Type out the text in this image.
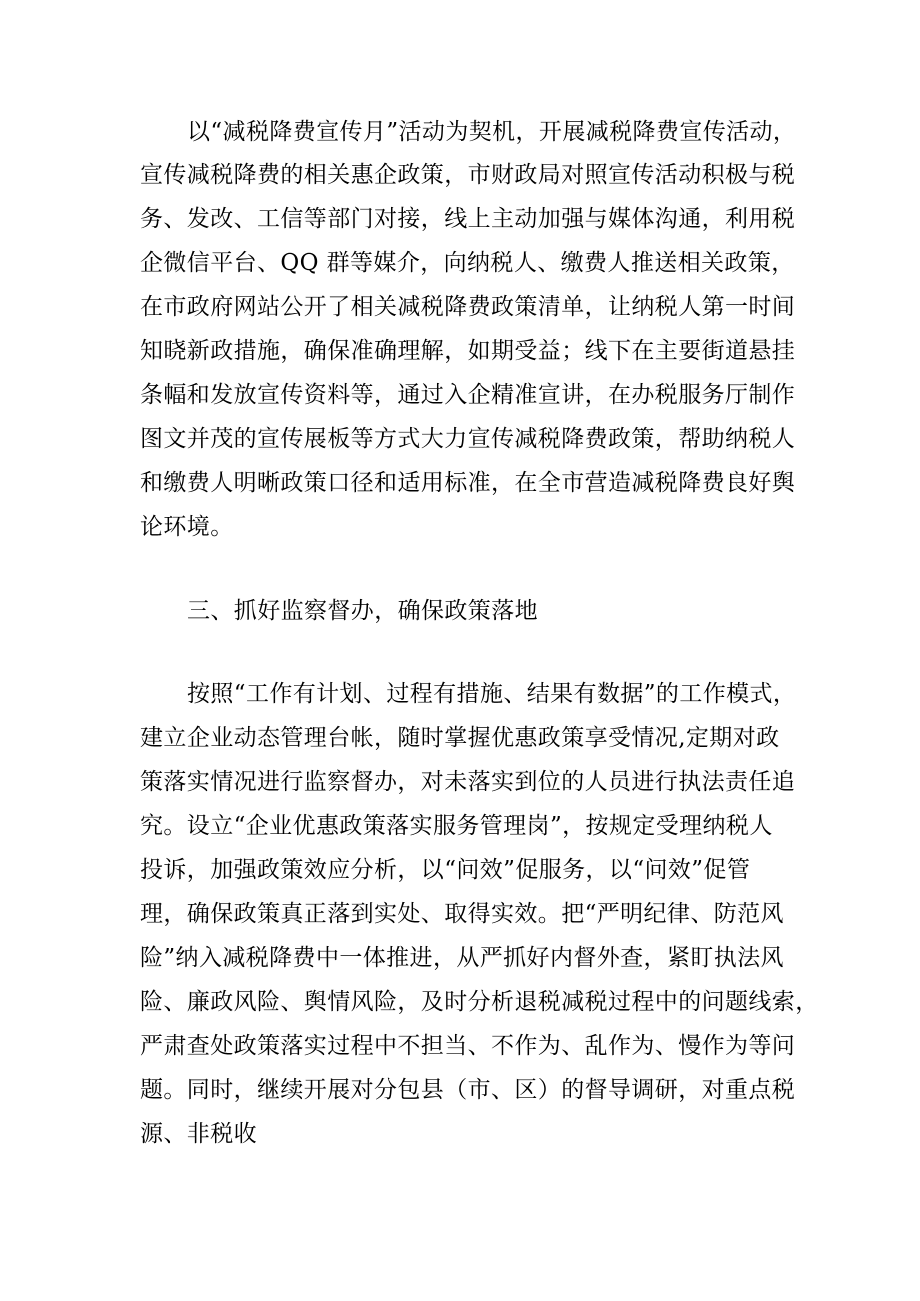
以“减税降费宣传月”活动为契机，开展减税降费宣传活动，
宣传减税降费的相关惠企政策，市财政局对照宣传活动积极与税
务、发改、工信等部门对接，线上主动加强与媒体沟通，利用税
企微信平台、QQ 群等媒介，向纳税人、缴费人推送相关政策，
在市政府网站公开了相关减税降费政策清单，让纳税人第一时间
知晓新政措施，确保准确理解，如期受益；线下在主要街道悬挂
条幅和发放宣传资料等，通过入企精准宣讲，在办税服务厅制作
图文并茂的宣传展板等方式大力宣传减税降费政策，帮助纳税人
和缴费人明晰政策口径和适用标准，在全市营造减税降费良好舆
论环境。
三、抓好监察督办，确保政策落地
按照“工作有计划、过程有措施、结果有数据”的工作模式，
建立企业动态管理台帐，随时掌握优惠政策享受情况,定期对政
策落实情况进行监察督办，对未落实到位的人员进行执法责任追
究。设立“企业优惠政策落实服务管理岗”，按规定受理纳税人
投诉，加强政策效应分析，以“问效”促服务，以“问效”促管
理，确保政策真正落到实处、取得实效。把“严明纪律、防范风
险”纳入减税降费中一体推进，从严抓好内督外查，紧盯执法风
险、廉政风险、舆情风险，及时分析退税减税过程中的问题线索，
严肃查处政策落实过程中不担当、不作为、乱作为、慢作为等问
题。同时，继续开展对分包县（市、区）的督导调研，对重点税
源、非税收
